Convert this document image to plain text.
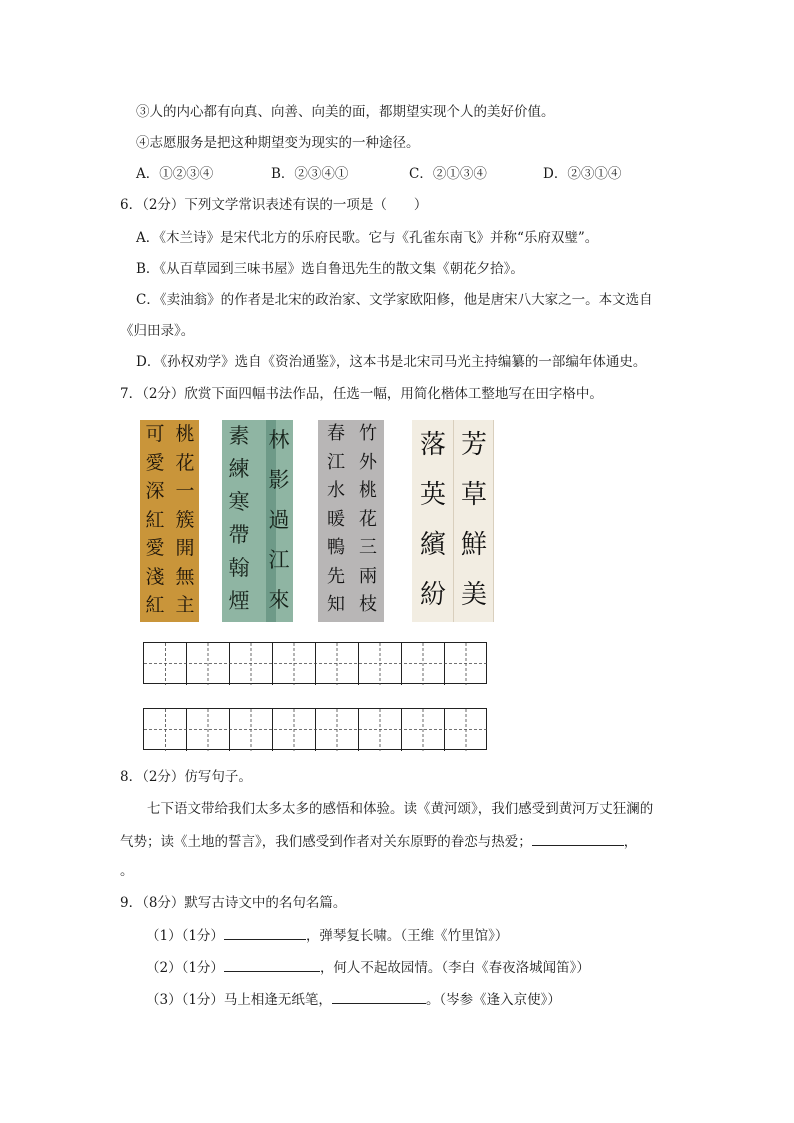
③人的内心都有向真、向善、向美的面，都期望实现个人的美好价值。
④志愿服务是把这种期望变为现实的一种途径。
A．①②③④	B．②③④①	C．②①③④	D．②③①④
6．（2分）下列文学常识表述有误的一项是（　　）
A．《木兰诗》是宋代北方的乐府民歌。它与《孔雀东南飞》并称“乐府双璧”。
B．《从百草园到三味书屋》选自鲁迅先生的散文集《朝花夕拾》。
C．《卖油翁》的作者是北宋的政治家、文学家欧阳修，他是唐宋八大家之一。本文选自
《归田录》。
D．《孙权劝学》选自《资治通鉴》，这本书是北宋司马光主持编纂的一部编年体通史。
7．（2分）欣赏下面四幅书法作品，任选一幅，用简化楷体工整地写在田字格中。
桃
花
一
簇
開
無
主
可
愛
深
紅
愛
淺
紅
林
影
過
江
來
素
練
寒
帶
翰
煙
竹
外
桃
花
三
兩
枝
春
江
水
暖
鴨
先
知
芳
草
鮮
美
落
英
繽
紛
8．（2分）仿写句子。
七下语文带给我们太多太多的感悟和体验。读《黄河颂》，我们感受到黄河万丈狂澜的
气势；读《土地的誓言》，我们感受到作者对关东原野的眷恋与热爱；	，
。
9．（8分）默写古诗文中的名句名篇。
（1）（1分）	，弹琴复长啸。（王维《竹里馆》）
（2）（1分）	，何人不起故园情。（李白《春夜洛城闻笛》）
（3）（1分）马上相逢无纸笔，	。（岑参《逢入京使》）
